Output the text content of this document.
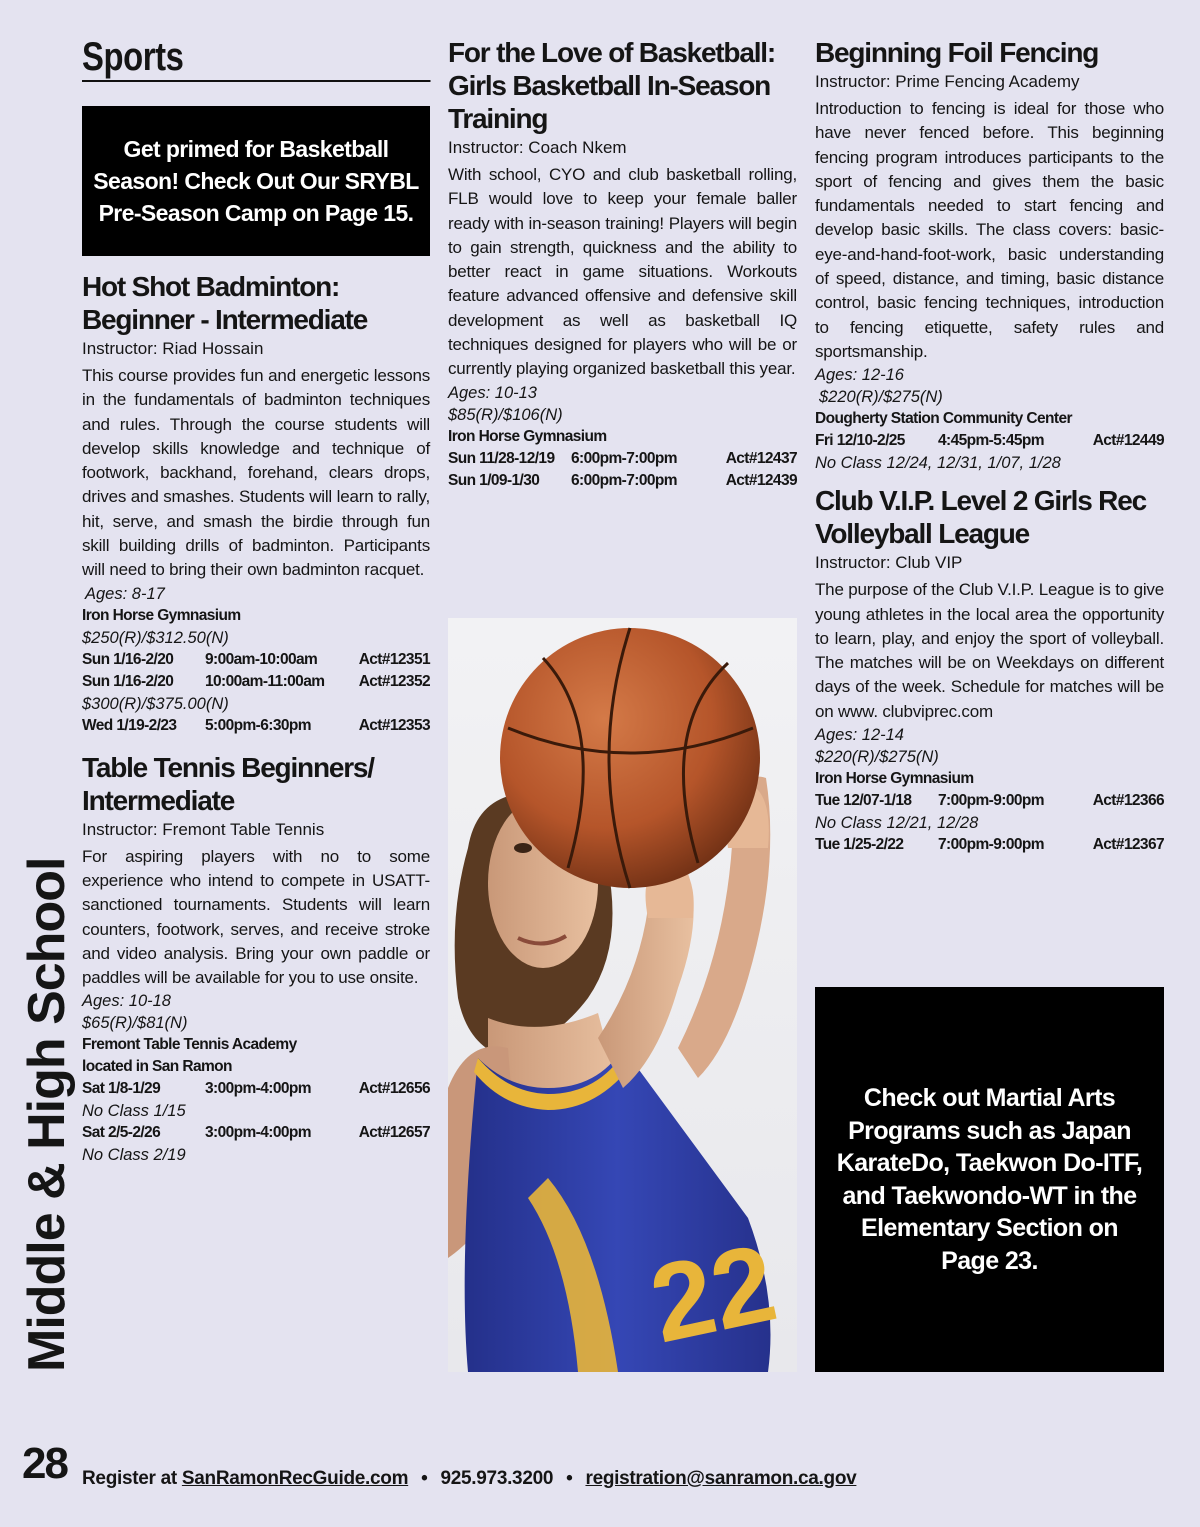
Sports
Get primed for Basketball Season! Check Out Our SRYBL Pre-Season Camp on Page 15.
Hot Shot Badminton: Beginner - Intermediate
Instructor: Riad Hossain
This course provides fun and energetic lessons in the fundamentals of badminton techniques and rules. Through the course students will develop skills knowledge and technique of footwork, backhand, forehand, clears drops, drives and smashes. Students will learn to rally, hit, serve, and smash the birdie through fun skill building drills of badminton. Participants will need to bring their own badminton racquet.
Ages: 8-17
Iron Horse Gymnasium
$250(R)/$312.50(N)
Sun 1/16-2/20	9:00am-10:00am	Act#12351
Sun 1/16-2/20	10:00am-11:00am	Act#12352
$300(R)/$375.00(N)
Wed 1/19-2/23	5:00pm-6:30pm	Act#12353
Table Tennis Beginners/ Intermediate
Instructor: Fremont Table Tennis
For aspiring players with no to some experience who intend to compete in USATT-sanctioned tournaments. Students will learn counters, footwork, serves, and receive stroke and video analysis. Bring your own paddle or paddles will be available for you to use onsite.
Ages: 10-18
$65(R)/$81(N)
Fremont Table Tennis Academy
located in San Ramon
Sat 1/8-1/29	3:00pm-4:00pm	Act#12656
No Class 1/15
Sat 2/5-2/26	3:00pm-4:00pm	Act#12657
No Class 2/19
For the Love of Basketball: Girls Basketball In-Season Training
Instructor: Coach Nkem
With school, CYO and club basketball rolling, FLB would love to keep your female baller ready with in-season training! Players will begin to gain strength, quickness and the ability to better react in game situations. Workouts feature advanced offensive and defensive skill development as well as basketball IQ techniques designed for players who will be or currently playing organized basketball this year.
Ages: 10-13
$85(R)/$106(N)
Iron Horse Gymnasium
Sun 11/28-12/19	6:00pm-7:00pm	Act#12437
Sun 1/09-1/30	6:00pm-7:00pm	Act#12439
22
Beginning Foil Fencing
Instructor: Prime Fencing Academy
Introduction to fencing is ideal for those who have never fenced before. This beginning fencing program introduces participants to the sport of fencing and gives them the basic fundamentals needed to start fencing and develop basic skills. The class covers: basic-eye-and-hand-foot-work, basic understanding of speed, distance, and timing, basic distance control, basic fencing techniques, introduction to fencing etiquette, safety rules and sportsmanship.
Ages: 12-16
$220(R)/$275(N)
Dougherty Station Community Center
Fri 12/10-2/25	4:45pm-5:45pm	Act#12449
No Class 12/24, 12/31, 1/07, 1/28
Club V.I.P. Level 2 Girls Rec Volleyball League
Instructor: Club VIP
The purpose of the Club V.I.P. League is to give young athletes in the local area the opportunity to learn, play, and enjoy the sport of volleyball. The matches will be on Weekdays on different days of the week. Schedule for matches will be on www. clubviprec.com
Ages: 12-14
$220(R)/$275(N)
Iron Horse Gymnasium
Tue 12/07-1/18	7:00pm-9:00pm	Act#12366
No Class 12/21, 12/28
Tue 1/25-2/22	7:00pm-9:00pm	Act#12367
Check out Martial Arts Programs such as Japan KarateDo, Taekwon Do-ITF, and Taekwondo-WT in the Elementary Section on Page 23.
Middle & High School
28 Register at SanRamonRecGuide.com • 925.973.3200 • registration@sanramon.ca.gov
